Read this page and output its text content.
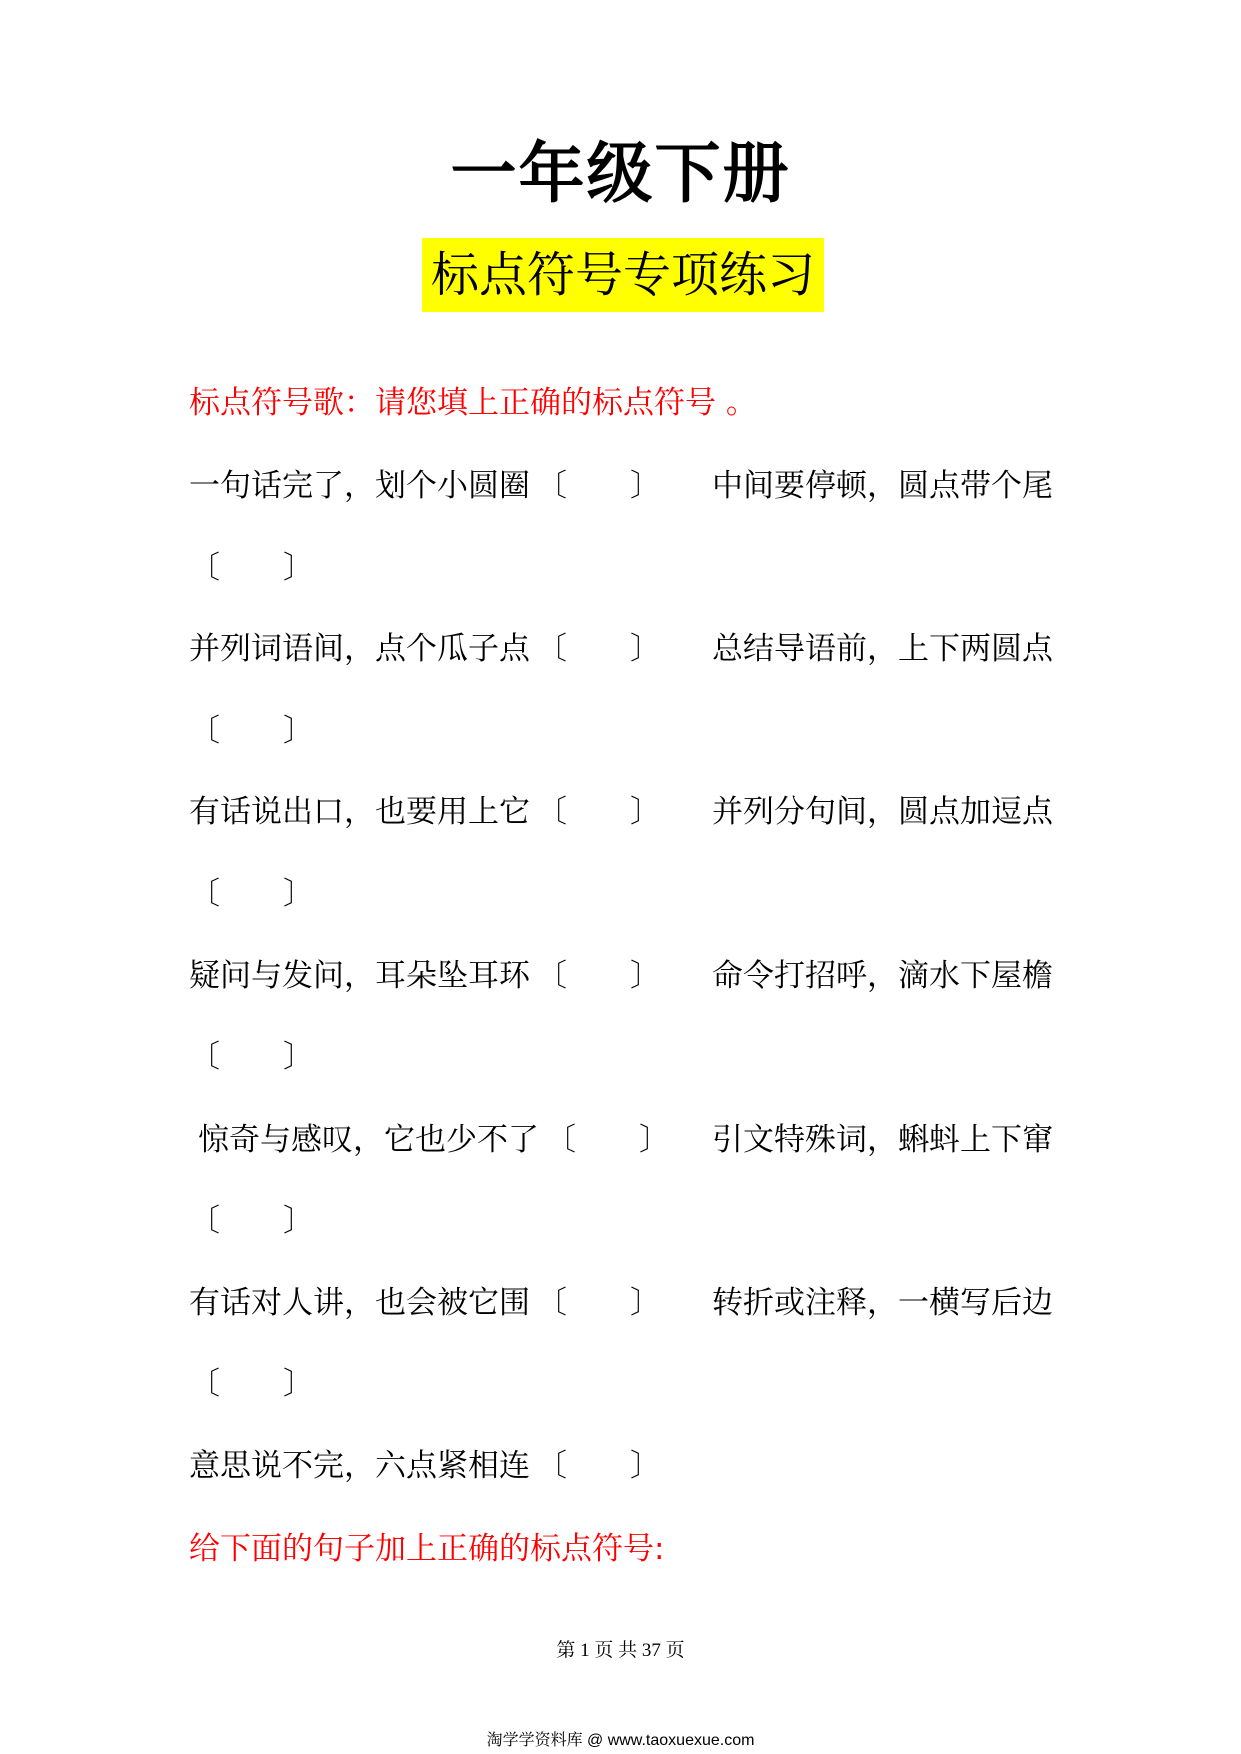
一年级下册
标点符号专项练习
标点符号歌：请您填上正确的标点符号 。
一句话完了，划个小圆圈 〔 〕 中间要停顿，圆点带个尾
〔 〕
并列词语间，点个瓜子点 〔 〕 总结导语前，上下两圆点
〔 〕
有话说出口，也要用上它 〔 〕 并列分句间，圆点加逗点
〔 〕
疑问与发问，耳朵坠耳环 〔 〕 命令打招呼，滴水下屋檐
〔 〕
惊奇与感叹，它也少不了 〔 〕 引文特殊词，蝌蚪上下窜
〔 〕
有话对人讲，也会被它围 〔 〕 转折或注释，一横写后边
〔 〕
意思说不完，六点紧相连 〔 〕
给下面的句子加上正确的标点符号:
第 1 页 共 37 页
淘学学资料库 @ www.taoxuexue.com
